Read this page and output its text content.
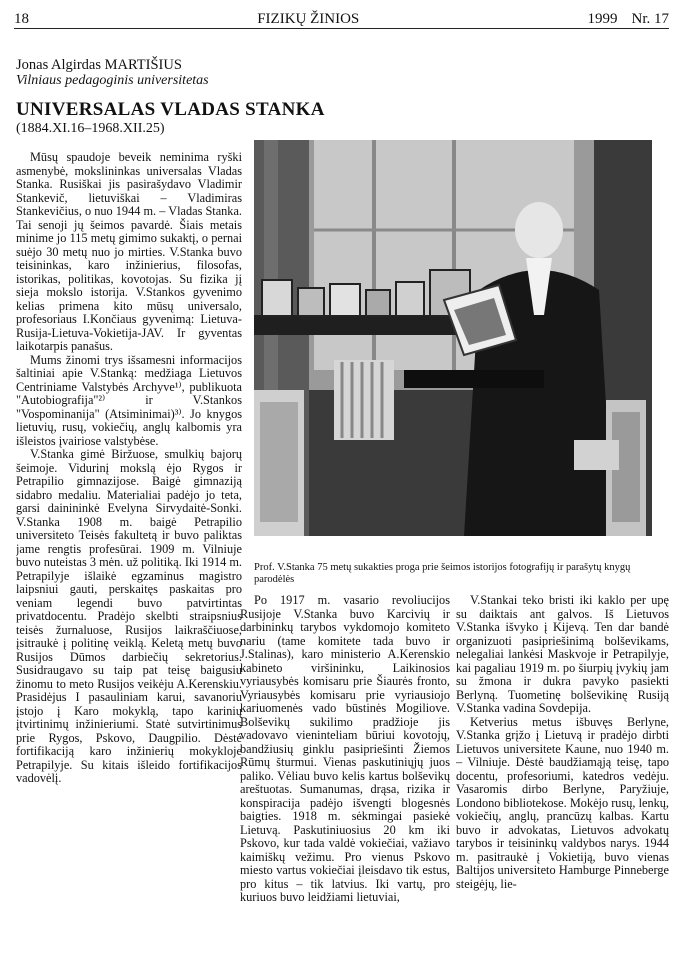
18	FIZIKŲ ŽINIOS	1999 Nr. 17
Jonas Algirdas MARTIŠIUS
Vilniaus pedagoginis universitetas
UNIVERSALAS VLADAS STANKA
(1884.XI.16–1968.XII.25)

Mūsų spaudoje beveik neminima ryški asmenybė, mokslininkas universalas Vladas Stanka. Rusiškai jis pasirašydavo Vladimir Stankevič, lietuviškai – Vladimiras Stankevičius, o nuo 1944 m. – Vladas Stanka. Tai senoji jų šeimos pavardė. Šiais metais minime jo 115 metų gimimo sukaktį, o pernai suėjo 30 metų nuo jo mirties. V.Stanka buvo teisininkas, karo inžinierius, filosofas, istorikas, politikas, kovotojas. Su fizika jį sieja mokslo istorija. V.Stankos gyvenimo kelias primena kito mūsų universalo, profesoriaus I.Končiaus gyvenimą: Lietuva-Rusija-Lietuva-Vokietija-JAV. Ir gyventas laikotarpis panašus.

Mums žinomi trys išsamesni informacijos šaltiniai apie V.Stanką: medžiaga Lietuvos Centriniame Valstybės Archyve¹⁾, publikuota "Autobiografija"²⁾ ir V.Stankos "Vospominanija" (Atsiminimai)³⁾. Jo knygos lietuvių, rusų, vokiečių, anglų kalbomis yra išleistos įvairiose valstybėse.

V.Stanka gimė Biržuose, smulkių bajorų šeimoje. Vidurinį mokslą ėjo Rygos ir Petrapilio gimnazijose. Baigė gimnaziją sidabro medaliu. Materialiai padėjo jo teta, garsi dainininkė Evelyna Sirvydaitė-Sonki. V.Stanka 1908 m. baigė Petrapilio universiteto Teisės fakultetą ir buvo paliktas jame rengtis profesūrai. 1909 m. Vilniuje buvo nuteistas 3 mėn. už politiką. Iki 1914 m. Petrapilyje išlaikė egzaminus magistro laipsniui gauti, perskaitęs paskaitas pro veniam legendi buvo patvirtintas privatdocentu. Pradėjo skelbti straipsnius teisės žurnaluose, Rusijos laikraščiuose, įsitraukė į politinę veiklą. Keletą metų buvo Rusijos Dūmos darbiečių sekretorius. Susidraugavo su taip pat teisę baigusiu žinomu to meto Rusijos veikėju A.Kerenskiu. Prasidėjus I pasauliniam karui, savanoriu įstojo į Karo mokyklą, tapo karinių įtvirtinimų inžinieriumi. Statė sutvirtinimus prie Rygos, Pskovo, Daugpilio. Dėstė fortifikaciją karo inžinierių mokykloje Petrapilyje. Su kitais išleido fortifikacijos vadovėlį.

Prof. V.Stanka 75 metų sukakties proga prie šeimos istorijos fotografijų ir parašytų knygų parodėlės

Po 1917 m. vasario revoliucijos Rusijoje V.Stanka buvo Karcivių ir darbininkų tarybos vykdomojo komiteto nariu (tame komitete tada buvo ir J.Stalinas), karo ministerio A.Kerenskio kabineto viršininku, Laikinosios vyriausybės komisaru prie Šiaurės fronto, Vyriausybės komisaru prie vyriausiojo kariuomenės vado būstinės Mogiliove. Bolševikų sukilimo pradžioje jis vadovavo vieninteliam būriui kovotojų, bandžiusių ginklu pasipriešinti Žiemos Rūmų šturmui. Vienas paskutiniųjų juos paliko. Vėliau buvo kelis kartus bolševikų areštuotas. Sumanumas, drąsa, rizika ir konspiracija padėjo išvengti blogesnės baigties. 1918 m. sėkmingai pasiekė Lietuvą. Paskutiniuosius 20 km iki Pskovo, kur tada valdė vokiečiai, važiavo kaimiškų vežimu. Pro vienus Pskovo miesto vartus vokiečiai įleisdavo tik estus, pro kitus – tik latvius. Iki vartų, pro kuriuos buvo leidžiami lietuviai,

V.Stankai teko bristi iki kaklo per upę su daiktais ant galvos. Iš Lietuvos V.Stanka išvyko į Kijevą. Ten dar bandė organizuoti pasipriešinimą bolševikams, nelegaliai lankėsi Maskvoje ir Petrapilyje, kai pagaliau 1919 m. po šiurpių įvykių jam su žmona ir dukra pavyko pasiekti Berlyną. Tuometinę bolševikinę Rusiją V.Stanka vadina Sovdepija.

Ketverius metus išbuvęs Berlyne, V.Stanka grįžo į Lietuvą ir pradėjo dirbti Lietuvos universitete Kaune, nuo 1940 m. – Vilniuje. Dėstė baudžiamąją teisę, tapo docentu, profesoriumi, katedros vedėju. Vasaromis dirbo Berlyne, Paryžiuje, Londono bibliotekose. Mokėjo rusų, lenkų, vokiečių, anglų, prancūzų kalbas. Kartu buvo ir advokatas, Lietuvos advokatų tarybos ir teisininkų valdybos narys. 1944 m. pasitraukė į Vokietiją, buvo vienas Baltijos universiteto Hamburge Pinneberge steigėjų, lie-
